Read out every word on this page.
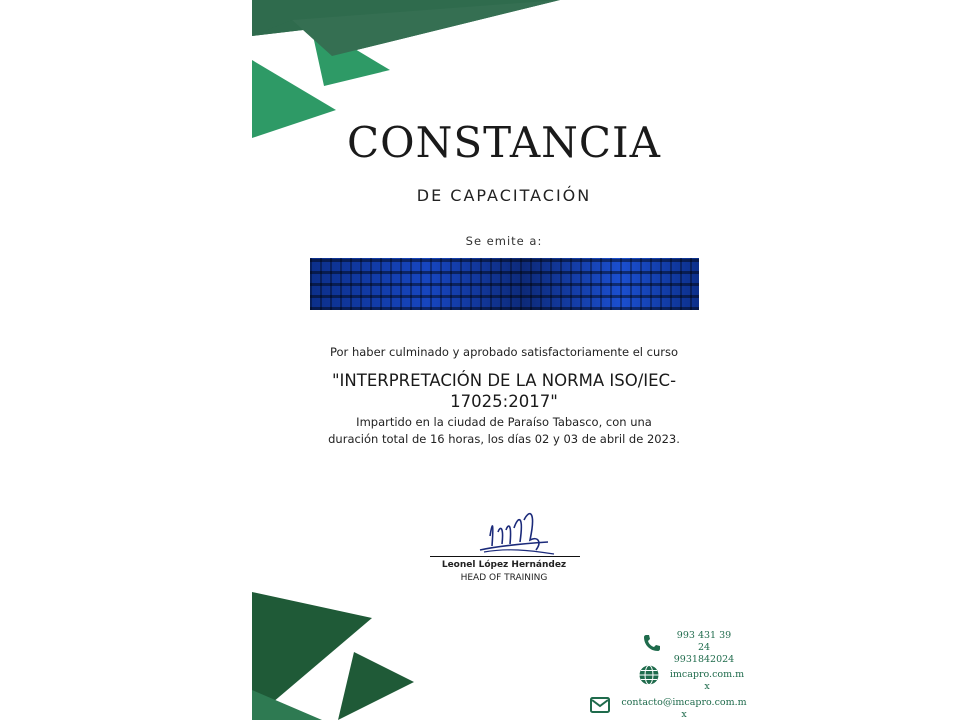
CONSTANCIA
DE CAPACITACIÓN
Se emite a:
Por haber culminado y aprobado satisfactoriamente el curso
"INTERPRETACIÓN DE LA NORMA ISO/IEC-
17025:2017"
Impartido en la ciudad de Paraíso Tabasco, con una
duración total de 16 horas, los días 02 y 03 de abril de 2023.
Leonel López Hernández
HEAD OF TRAINING
993 431 39
24
9931842024
imcapro.com.m
x
contacto@imcapro.com.m
x
